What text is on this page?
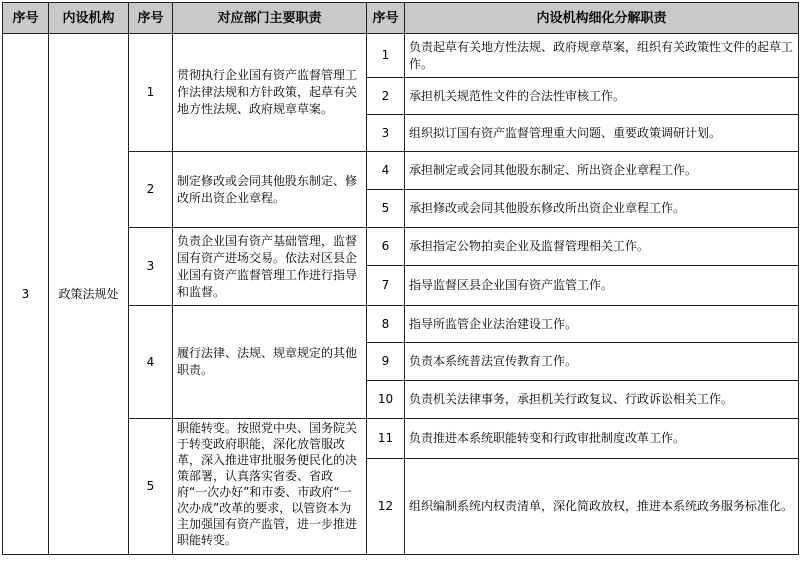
序号	内设机构	序号	对应部门主要职责	序号	内设机构细化分解职责
3	政策法规处	1	贯彻执行企业国有资产监督管理工作法律法规和方针政策，起草有关地方性法规、政府规章草案。	1	负责起草有关地方性法规、政府规章草案，组织有关政策性文件的起草工作。
				2	承担机关规范性文件的合法性审核工作。
				3	组织拟订国有资产监督管理重大问题、重要政策调研计划。
		2	制定修改或会同其他股东制定、修改所出资企业章程。	4	承担制定或会同其他股东制定、所出资企业章程工作。
				5	承担修改或会同其他股东修改所出资企业章程工作。
		3	负责企业国有资产基础管理，监督国有资产进场交易。依法对区县企业国有资产监督管理工作进行指导和监督。	6	承担指定公物拍卖企业及监督管理相关工作。
				7	指导监督区县企业国有资产监管工作。
		4	履行法律、法规、规章规定的其他职责。	8	指导所监管企业法治建设工作。
				9	负责本系统普法宣传教育工作。
				10	负责机关法律事务，承担机关行政复议、行政诉讼相关工作。
		5	职能转变。按照党中央、国务院关于转变政府职能，深化放管服改革，深入推进审批服务便民化的决策部署，认真落实省委、省政府“一次办好”和市委、市政府“一次办成”改革的要求，以管资本为主加强国有资产监管，进一步推进职能转变。	11	负责推进本系统职能转变和行政审批制度改革工作。
				12	组织编制系统内权责清单，深化简政放权，推进本系统政务服务标准化。
